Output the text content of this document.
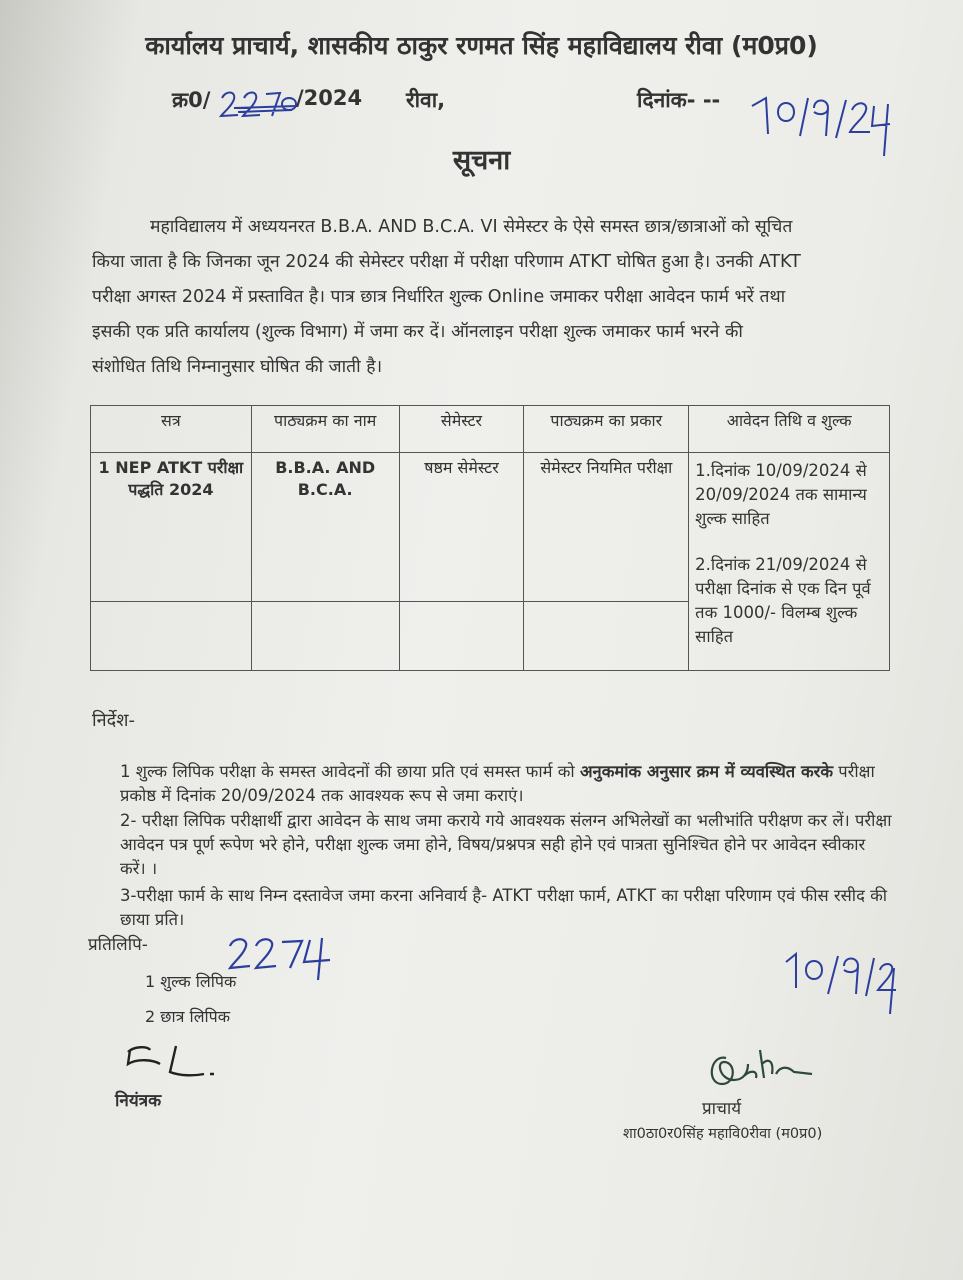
कार्यालय प्राचार्य, शासकीय ठाकुर रणमत सिंह महाविद्यालय रीवा (म0प्र0)
क्र0/	/2024 रीवा,	दिनांक- --
सूचना
महाविद्यालय में अध्ययनरत B.B.A. AND B.C.A. VI सेमेस्टर के ऐसे समस्त छात्र/छात्राओं को सूचित
किया जाता है कि जिनका जून 2024 की सेमेस्टर परीक्षा में परीक्षा परिणाम ATKT घोषित हुआ है। उनकी ATKT
परीक्षा अगस्त 2024 में प्रस्तावित है। पात्र छात्र निर्धारित शुल्क Online जमाकर परीक्षा आवेदन फार्म भरें तथा
इसकी एक प्रति कार्यालय (शुल्क विभाग) में जमा कर दें। ऑनलाइन परीक्षा शुल्क जमाकर फार्म भरने की
संशोधित तिथि निम्नानुसार घोषित की जाती है।
सत्र	पाठ्यक्रम का नाम	सेमेस्टर	पाठ्यक्रम का प्रकार	आवेदन तिथि व शुल्क
1 NEP ATKT परीक्षा पद्धति 2024	B.B.A. AND B.C.A.	षष्ठम सेमेस्टर	सेमेस्टर नियमित परीक्षा	1.दिनांक 10/09/2024 से 20/09/2024 तक सामान्य शुल्क साहित
2.दिनांक 21/09/2024 से परीक्षा दिनांक से एक दिन पूर्व तक 1000/- विलम्ब शुल्क साहित

निर्देश-
1 शुल्क लिपिक परीक्षा के समस्त आवेदनों की छाया प्रति एवं समस्त फार्म को अनुकमांक अनुसार क्रम में व्यवस्थित करके परीक्षा प्रकोष्ठ में दिनांक 20/09/2024 तक आवश्यक रूप से जमा कराएं।
2- परीक्षा लिपिक परीक्षार्थी द्वारा आवेदन के साथ जमा कराये गये आवश्यक संलग्न अभिलेखों का भलीभांति परीक्षण कर लें। परीक्षा आवेदन पत्र पूर्ण रूपेण भरे होने, परीक्षा शुल्क जमा होने, विषय/प्रश्नपत्र सही होने एवं पात्रता सुनिश्चित होने पर आवेदन स्वीकार करें। ।
3-परीक्षा फार्म के साथ निम्न दस्तावेज जमा करना अनिवार्य है- ATKT परीक्षा फार्म, ATKT का परीक्षा परिणाम एवं फीस रसीद की छाया प्रति।
प्रतिलिपि-
1 शुल्क लिपिक
2 छात्र लिपिक
नियंत्रक	प्राचार्य
शा0ठा0र0सिंह महावि0रीवा (म0प्र0)
